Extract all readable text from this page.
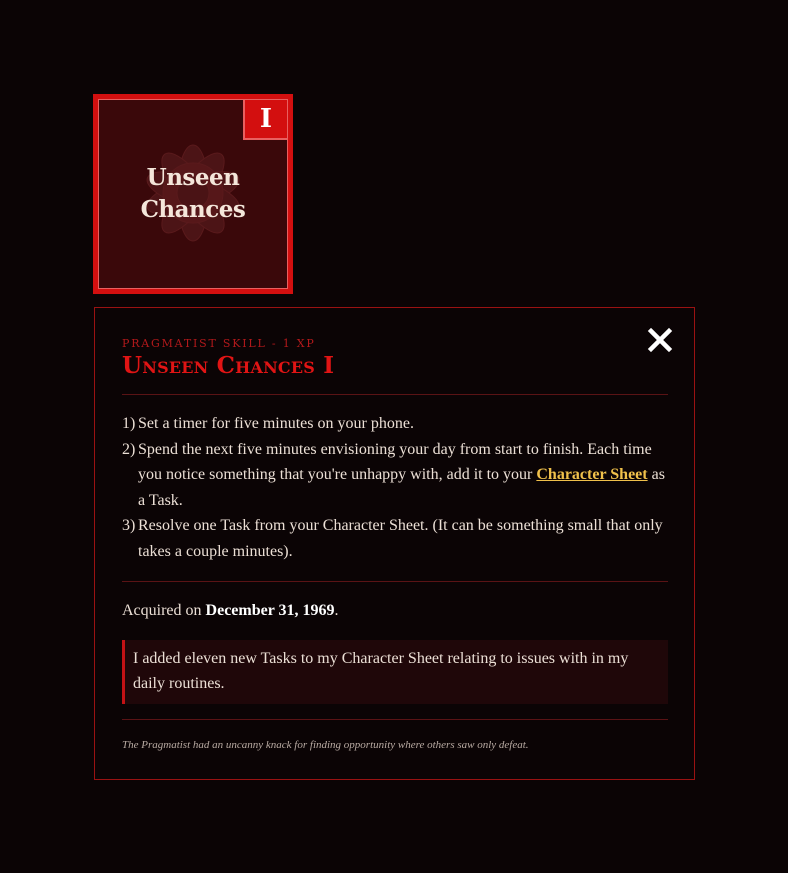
Unseen
Chances
I

PRAGMATIST SKILL - 1 XP

Unseen Chances I
1) Set a timer for five minutes on your phone.
2) Spend the next five minutes envisioning your day from start to finish. Each time you notice something that you're unhappy with, add it to your Character Sheet as a Task.
3) Resolve one Task from your Character Sheet. (It can be something small that only takes a couple minutes).

Acquired on December 31, 1969.

I added eleven new Tasks to my Character Sheet relating to issues with in my daily routines.

The Pragmatist had an uncanny knack for finding opportunity where others saw only defeat.
